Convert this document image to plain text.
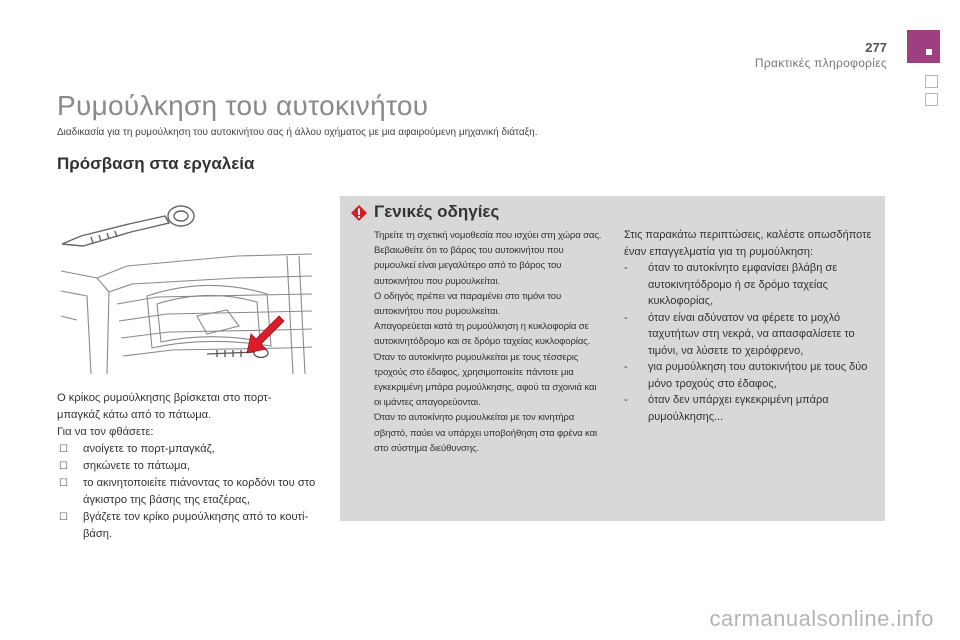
277
Πρακτικές πληροφορίες
Ρυμούλκηση του αυτοκινήτου
Διαδικασία για τη ρυμούλκηση του αυτοκινήτου σας ή άλλου οχήματος με μια αφαιρούμενη μηχανική διάταξη.
Πρόσβαση στα εργαλεία

Ο κρίκος ρυμούλκησης βρίσκεται στο πορτ-

μπαγκάζ κάτω από το πάτωμα.

Για να τον φθάσετε:

☐ ανοίγετε το πορτ-μπαγκάζ,
☐ σηκώνετε το πάτωμα,
☐ το ακινητοποιείτε πιάνοντας το κορδόνι του στο άγκιστρο της βάσης της εταζέρας,
☐ βγάζετε τον κρίκο ρυμούλκησης από το κουτί-βάση.
Γενικές οδηγίες

Τηρείτε τη σχετική νομοθεσία που ισχύει στη χώρα σας.

Βεβαιωθείτε ότι το βάρος του αυτοκινήτου που ρυμουλκεί είναι μεγαλύτερο από το βάρος του αυτοκινήτου που ρυμουλκείται.

Ο οδηγός πρέπει να παραμένει στο τιμόνι του αυτοκινήτου που ρυμουλκείται.

Απαγορεύεται κατά τη ρυμούλκηση η κυκλοφορία σε αυτοκινητόδρομο και σε δρόμο ταχείας κυκλοφορίας.

Όταν το αυτοκίνητο ρυμουλκείται με τους τέσσερις τροχούς στο έδαφος, χρησιμοποιείτε πάντοτε μια εγκεκριμένη μπάρα ρυμούλκησης, αφού τα σχοινιά και οι ιμάντες απαγορεύονται.

Όταν το αυτοκίνητο ρυμουλκείται με τον κινητήρα σβηστό, παύει να υπάρχει υποβοήθηση στα φρένα και στο σύστημα διεύθυνσης.

Στις παρακάτω περιπτώσεις, καλέστε οπωσδήποτε έναν επαγγελματία για τη ρυμούλκηση:

- όταν το αυτοκίνητο εμφανίσει βλάβη σε αυτοκινητόδρομο ή σε δρόμο ταχείας κυκλοφορίας,
- όταν είναι αδύνατον να φέρετε το μοχλό ταχυτήτων στη νεκρά, να απασφαλίσετε το τιμόνι, να λύσετε το χειρόφρενο,
- για ρυμούλκηση του αυτοκινήτου με τους δύο μόνο τροχούς στο έδαφος,
- όταν δεν υπάρχει εγκεκριμένη μπάρα ρυμούλκησης...
carmanualsonline.info
